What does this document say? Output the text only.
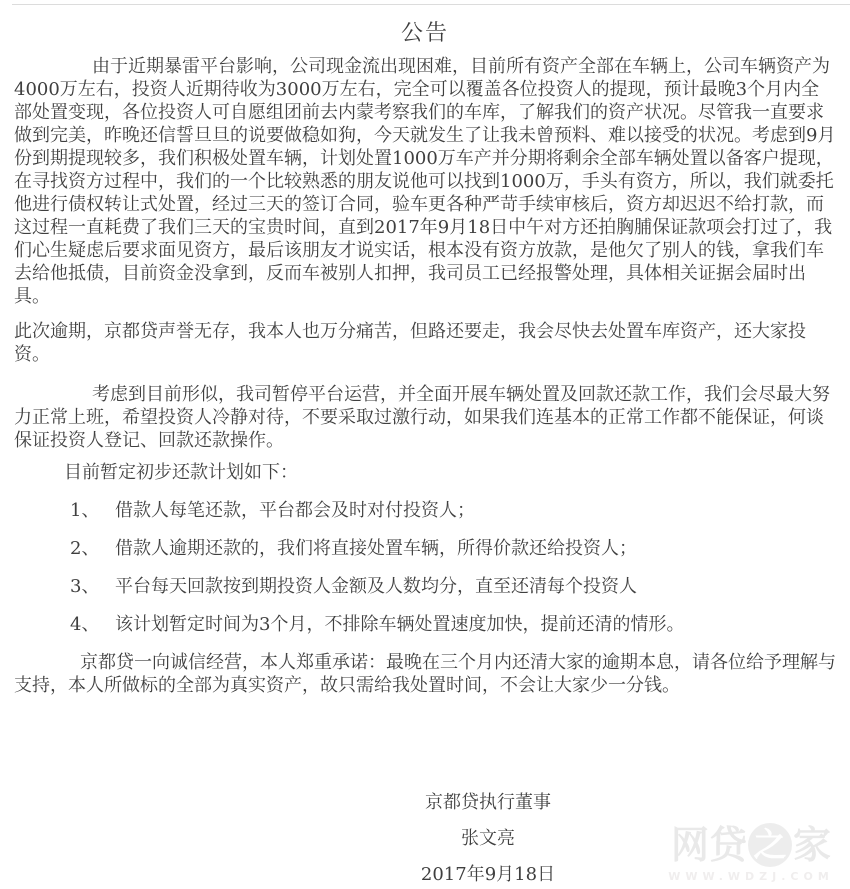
公告

由于近期暴雷平台影响，公司现金流出现困难，目前所有资产全部在车辆上，公司车辆资产为4000万左右，投资人近期待收为3000万左右，完全可以覆盖各位投资人的提现，预计最晚3个月内全部处置变现，各位投资人可自愿组团前去内蒙考察我们的车库，了解我们的资产状况。尽管我一直要求做到完美，昨晚还信誓旦旦的说要做稳如狗，今天就发生了让我未曾预料、难以接受的状况。考虑到9月份到期提现较多，我们积极处置车辆，计划处置1000万车产并分期将剩余全部车辆处置以备客户提现，在寻找资方过程中，我们的一个比较熟悉的朋友说他可以找到1000万，手头有资方，所以，我们就委托他进行债权转让式处置，经过三天的签订合同，验车更各种严苛手续审核后，资方却迟迟不给打款，而这过程一直耗费了我们三天的宝贵时间，直到2017年9月18日中午对方还拍胸脯保证款项会打过了，我们心生疑虑后要求面见资方，最后该朋友才说实话，根本没有资方放款，是他欠了别人的钱，拿我们车去给他抵债，目前资金没拿到，反而车被别人扣押，我司员工已经报警处理，具体相关证据会届时出具。

此次逾期，京都贷声誉无存，我本人也万分痛苦，但路还要走，我会尽快去处置车库资产，还大家投资。

考虑到目前形似，我司暂停平台运营，并全面开展车辆处置及回款还款工作，我们会尽最大努力正常上班，希望投资人冷静对待，不要采取过激行动，如果我们连基本的正常工作都不能保证，何谈保证投资人登记、回款还款操作。

目前暂定初步还款计划如下：

1、 借款人每笔还款，平台都会及时对付投资人；
2、 借款人逾期还款的，我们将直接处置车辆，所得价款还给投资人；
3、 平台每天回款按到期投资人金额及人数均分，直至还清每个投资人
4、 该计划暂定时间为3个月，不排除车辆处置速度加快，提前还清的情形。

京都贷一向诚信经营，本人郑重承诺：最晚在三个月内还清大家的逾期本息，请各位给予理解与支持，本人所做标的全部为真实资产，故只需给我处置时间，不会让大家少一分钱。

京都贷执行董事

张文亮

2017年9月18日

网贷 之 家
WWW.WDZJ.COM
